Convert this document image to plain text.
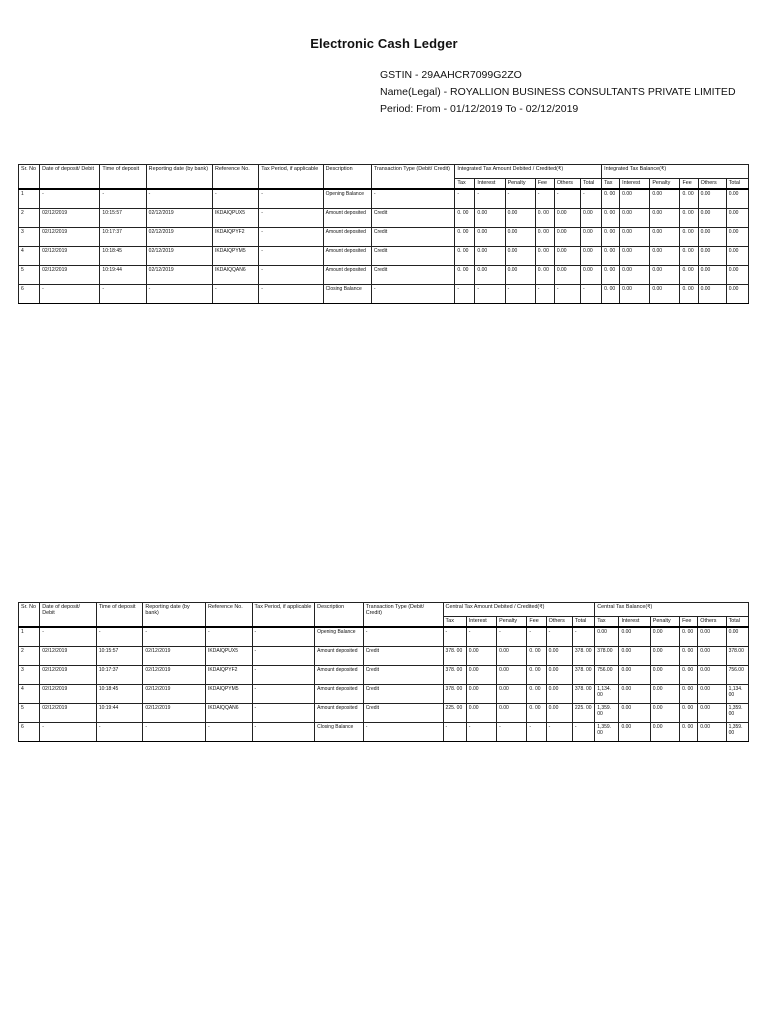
Electronic Cash Ledger
GSTIN - 29AAHCR7099G2ZO
Name(Legal) - ROYALLION BUSINESS CONSULTANTS PRIVATE LIMITED
Period: From - 01/12/2019 To - 02/12/2019
Sr. No	Date of deposit/ Debit	Time of deposit	Reporting date (by bank)	Reference No.	Tax Period, if applicable	Description	Transaction Type (Debit/ Credit)	Integrated Tax Amount Debited / Credited(₹)						Integrated Tax Balance(₹)					
								Tax	Interest	Penalty	Fee	Others	Total	Tax	Interest	Penalty	Fee	Others	Total
1	-	-	-	-	-	Opening Balance	-	-	-	-	-	-	-	0. 00	0.00	0.00	0. 00	0.00	0.00
2	02/12/2019	10:15:57	02/12/2019	IKDAIQPUX5	-	Amount deposited	Credit	0. 00	0.00	0.00	0. 00	0.00	0.00	0. 00	0.00	0.00	0. 00	0.00	0.00
3	02/12/2019	10:17:37	02/12/2019	IKDAIQPYF2	-	Amount deposited	Credit	0. 00	0.00	0.00	0. 00	0.00	0.00	0. 00	0.00	0.00	0. 00	0.00	0.00
4	02/12/2019	10:18:45	02/12/2019	IKDAIQPYM5	-	Amount deposited	Credit	0. 00	0.00	0.00	0. 00	0.00	0.00	0. 00	0.00	0.00	0. 00	0.00	0.00
5	02/12/2019	10:19:44	02/12/2019	IKDAIQQAN6	-	Amount deposited	Credit	0. 00	0.00	0.00	0. 00	0.00	0.00	0. 00	0.00	0.00	0. 00	0.00	0.00
6	-	-	-	-	-	Closing Balance	-	-	-	-	-	-	-	0. 00	0.00	0.00	0. 00	0.00	0.00
Sr. No	Date of deposit/ Debit	Time of deposit	Reporting date (by bank)	Reference No.	Tax Period, if applicable	Description	Transaction Type (Debit/ Credit)	Central Tax Amount Debited / Credited(₹)						Central Tax Balance(₹)					
								Tax	Interest	Penalty	Fee	Others	Total	Tax	Interest	Penalty	Fee	Others	Total
1	-	-	-	-	-	Opening Balance	-	-	-	-	-	-	-	0.00	0.00	0.00	0. 00	0.00	0.00
2	02/12/2019	10:15:57	02/12/2019	IKDAIQPUX5	-	Amount deposited	Credit	378. 00	0.00	0.00	0. 00	0.00	378. 00	378.00	0.00	0.00	0. 00	0.00	378.00
3	02/12/2019	10:17:37	02/12/2019	IKDAIQPYF2	-	Amount deposited	Credit	378. 00	0.00	0.00	0. 00	0.00	378. 00	756.00	0.00	0.00	0. 00	0.00	756.00
4	02/12/2019	10:18:45	02/12/2019	IKDAIQPYM5	-	Amount deposited	Credit	378. 00	0.00	0.00	0. 00	0.00	378. 00	1,134. 00	0.00	0.00	0. 00	0.00	1,134. 00
5	02/12/2019	10:19:44	02/12/2019	IKDAIQQAN6	-	Amount deposited	Credit	225. 00	0.00	0.00	0. 00	0.00	225. 00	1,359. 00	0.00	0.00	0. 00	0.00	1,359. 00
6	-	-	-	-	-	Closing Balance	-	-	-	-	-	-	-	1,359. 00	0.00	0.00	0. 00	0.00	1,359. 00
